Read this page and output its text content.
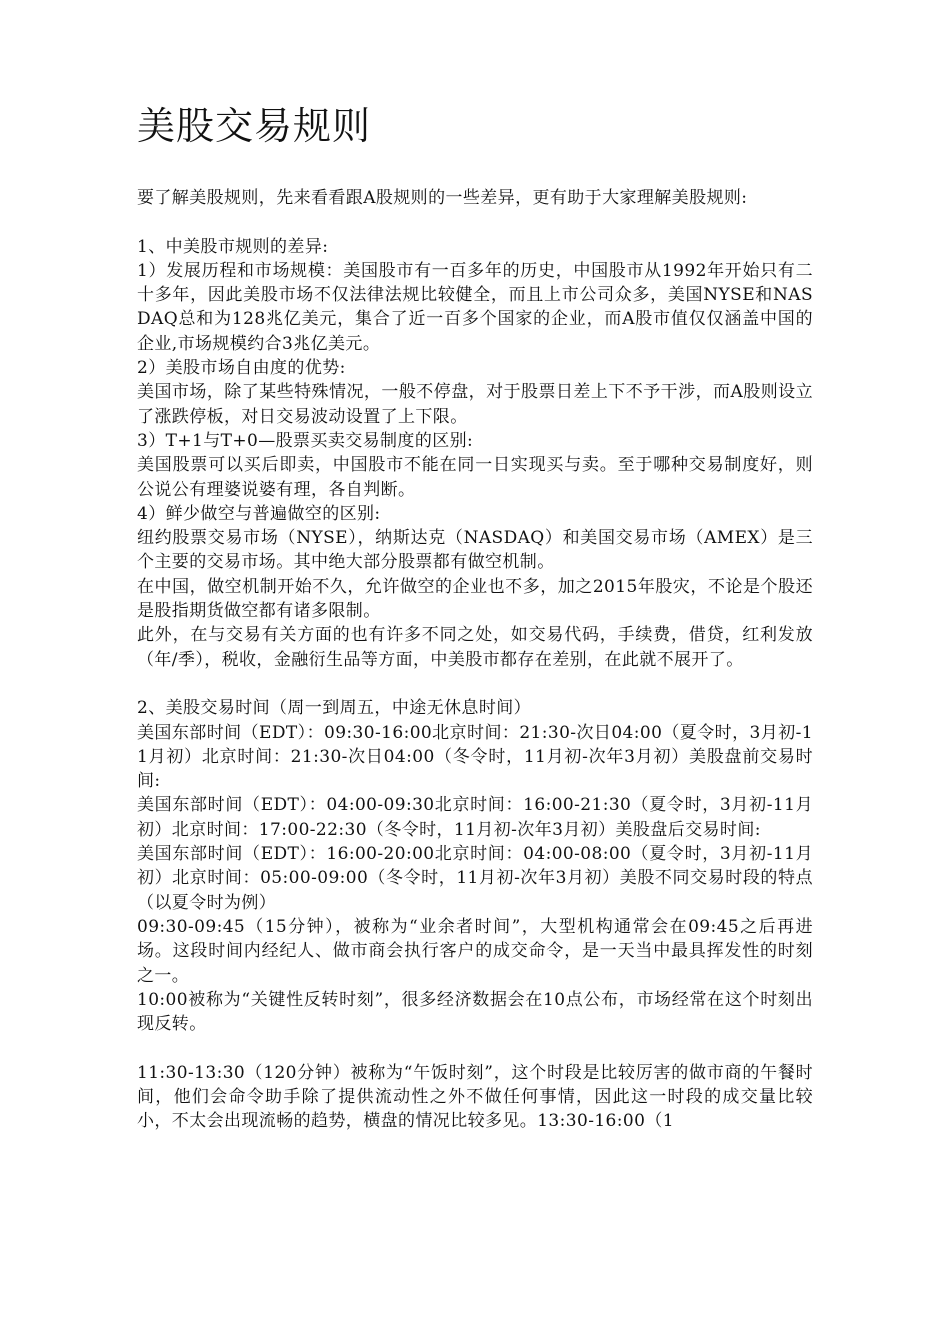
美股交易规则

要了解美股规则，先来看看跟A股规则的一些差异，更有助于大家理解美股规则:

1、中美股市规则的差异:
1）发展历程和市场规模：美国股市有一百多年的历史，中国股市从1992年开始只有二十多年，因此美股市场不仅法律法规比较健全，而且上市公司众多，美国NYSE和NASDAQ总和为128兆亿美元，集合了近一百多个国家的企业，而A股市值仅仅涵盖中国的企业,市场规模约合3兆亿美元。
2）美股市场自由度的优势:
美国市场，除了某些特殊情况，一般不停盘，对于股票日差上下不予干涉，而A股则设立了涨跌停板，对日交易波动设置了上下限。
3）T+1与T+0—股票买卖交易制度的区别:
美国股票可以买后即卖，中国股市不能在同一日实现买与卖。至于哪种交易制度好，则公说公有理婆说婆有理，各自判断。
4）鲜少做空与普遍做空的区别:
纽约股票交易市场（NYSE），纳斯达克（NASDAQ）和美国交易市场（AMEX）是三个主要的交易市场。其中绝大部分股票都有做空机制。
在中国，做空机制开始不久，允许做空的企业也不多，加之2015年股灾，不论是个股还是股指期货做空都有诸多限制。
此外，在与交易有关方面的也有许多不同之处，如交易代码，手续费，借贷，红利发放（年/季），税收，金融衍生品等方面，中美股市都存在差别，在此就不展开了。

2、美股交易时间（周一到周五，中途无休息时间）
美国东部时间（EDT）：09:30-16:00北京时间：21:30-次日04:00（夏令时，3月初-11月初）北京时间：21:30-次日04:00（冬令时，11月初-次年3月初）美股盘前交易时间:
美国东部时间（EDT）：04:00-09:30北京时间：16:00-21:30（夏令时，3月初-11月初）北京时间：17:00-22:30（冬令时，11月初-次年3月初）美股盘后交易时间:
美国东部时间（EDT）：16:00-20:00北京时间：04:00-08:00（夏令时，3月初-11月初）北京时间：05:00-09:00（冬令时，11月初-次年3月初）美股不同交易时段的特点（以夏令时为例）
09:30-09:45（15分钟），被称为“业余者时间”，大型机构通常会在09:45之后再进场。这段时间内经纪人、做市商会执行客户的成交命令，是一天当中最具挥发性的时刻之一。
10:00被称为“关键性反转时刻”，很多经济数据会在10点公布，市场经常在这个时刻出现反转。

11:30-13:30（120分钟）被称为“午饭时刻”，这个时段是比较厉害的做市商的午餐时间，他们会命令助手除了提供流动性之外不做任何事情，因此这一时段的成交量比较小，不太会出现流畅的趋势，横盘的情况比较多见。13:30-16:00（1
